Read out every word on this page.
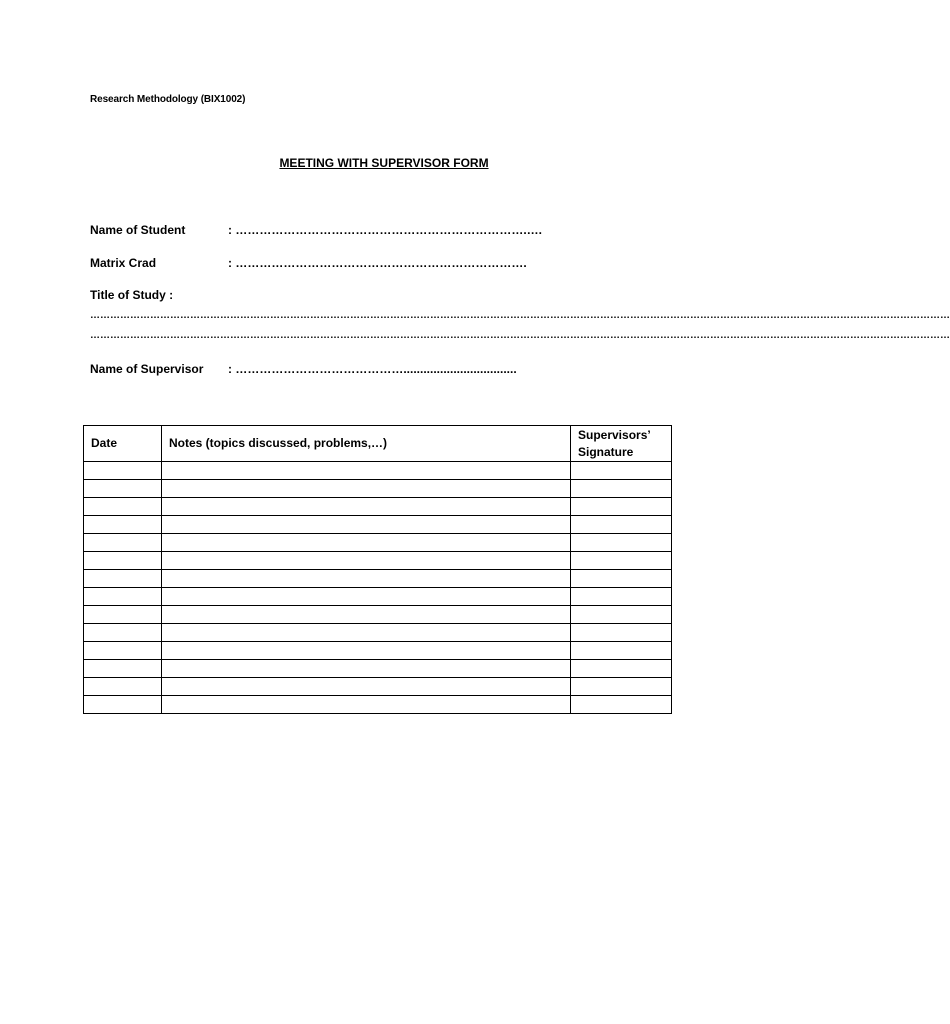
Research Methodology (BIX1002)
MEETING WITH SUPERVISOR FORM
Name of Student	: ……………………………………………………………….….
Matrix Crad	: ……………………………………………………………….
Title of Study :
……………………………………………………………………………………………………………………………………………………………………………………………………………………………………
……………………………………………………………………………………………………………………………………………………………………………………………………………………………………
Name of Supervisor : ……………………………………..................................
Date	Notes (topics discussed, problems,…)	Supervisors’
Signature
